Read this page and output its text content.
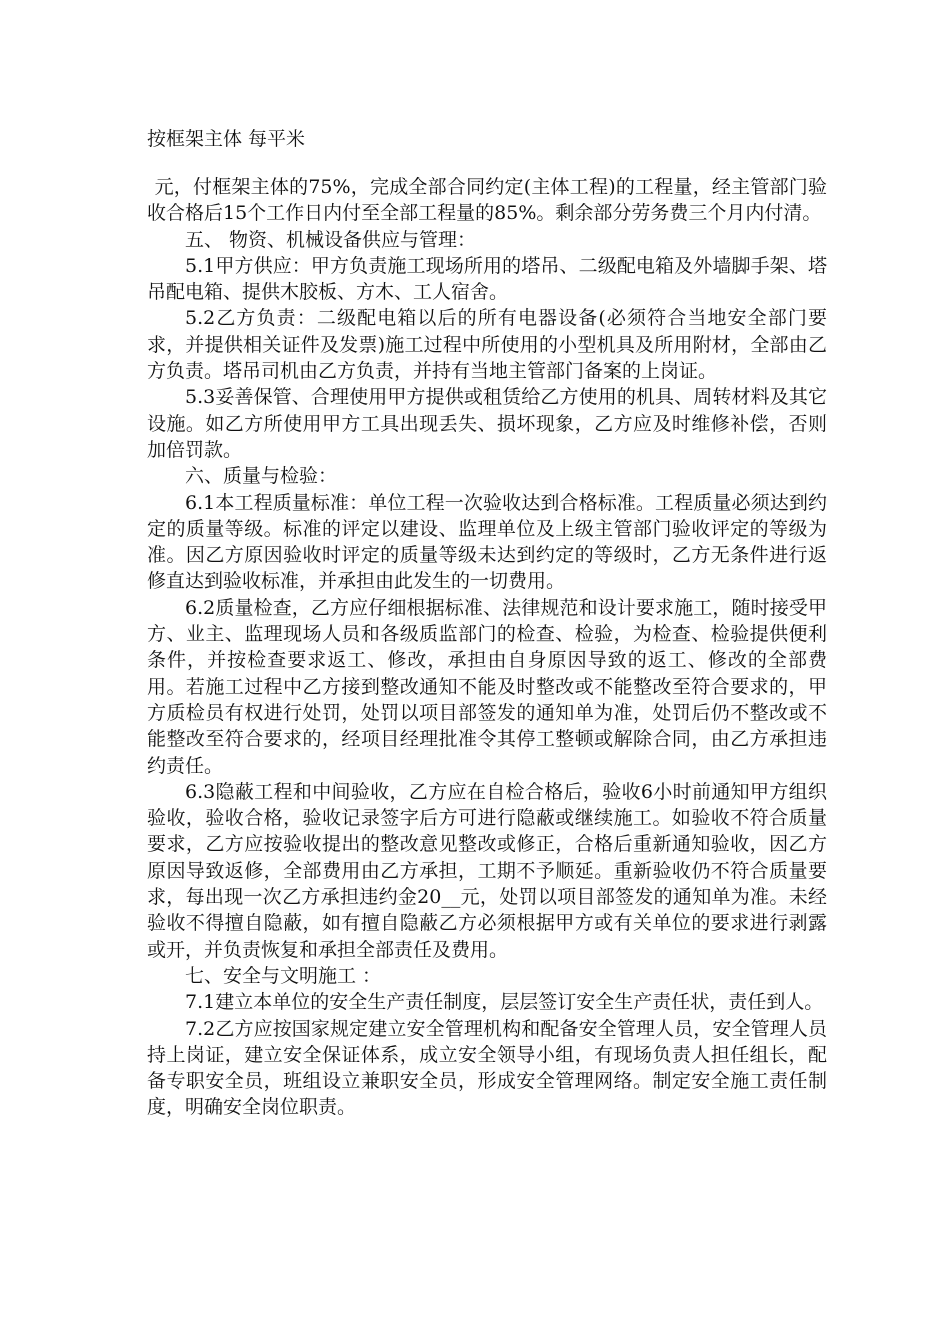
按框架主体 每平米

元，付框架主体的75%，完成全部合同约定(主体工程)的工程量，经主管部门验收合格后15个工作日内付至全部工程量的85%。剩余部分劳务费三个月内付清。

五、 物资、机械设备供应与管理：

5.1甲方供应：甲方负责施工现场所用的塔吊、二级配电箱及外墙脚手架、塔吊配电箱、提供木胶板、方木、工人宿舍。

5.2乙方负责：二级配电箱以后的所有电器设备(必须符合当地安全部门要求，并提供相关证件及发票)施工过程中所使用的小型机具及所用附材，全部由乙方负责。塔吊司机由乙方负责，并持有当地主管部门备案的上岗证。

5.3妥善保管、合理使用甲方提供或租赁给乙方使用的机具、周转材料及其它设施。如乙方所使用甲方工具出现丢失、损坏现象，乙方应及时维修补偿，否则加倍罚款。

六、质量与检验：

6.1本工程质量标准：单位工程一次验收达到合格标准。工程质量必须达到约定的质量等级。标准的评定以建设、监理单位及上级主管部门验收评定的等级为准。因乙方原因验收时评定的质量等级未达到约定的等级时，乙方无条件进行返修直达到验收标准，并承担由此发生的一切费用。

6.2质量检查，乙方应仔细根据标准、法律规范和设计要求施工，随时接受甲方、业主、监理现场人员和各级质监部门的检查、检验，为检查、检验提供便利条件，并按检查要求返工、修改，承担由自身原因导致的返工、修改的全部费用。若施工过程中乙方接到整改通知不能及时整改或不能整改至符合要求的，甲方质检员有权进行处罚，处罚以项目部签发的通知单为准，处罚后仍不整改或不能整改至符合要求的，经项目经理批准令其停工整顿或解除合同，由乙方承担违约责任。

6.3隐蔽工程和中间验收，乙方应在自检合格后，验收6小时前通知甲方组织验收，验收合格，验收记录签字后方可进行隐蔽或继续施工。如验收不符合质量要求，乙方应按验收提出的整改意见整改或修正，合格后重新通知验收，因乙方原因导致返修，全部费用由乙方承担，工期不予顺延。重新验收仍不符合质量要求，每出现一次乙方承担违约金20__元，处罚以项目部签发的通知单为准。未经验收不得擅自隐蔽，如有擅自隐蔽乙方必须根据甲方或有关单位的要求进行剥露或开，并负责恢复和承担全部责任及费用。

七、安全与文明施工 ：

7.1建立本单位的安全生产责任制度，层层签订安全生产责任状，责任到人。

7.2乙方应按国家规定建立安全管理机构和配备安全管理人员，安全管理人员持上岗证，建立安全保证体系，成立安全领导小组，有现场负责人担任组长，配备专职安全员，班组设立兼职安全员，形成安全管理网络。制定安全施工责任制度，明确安全岗位职责。
